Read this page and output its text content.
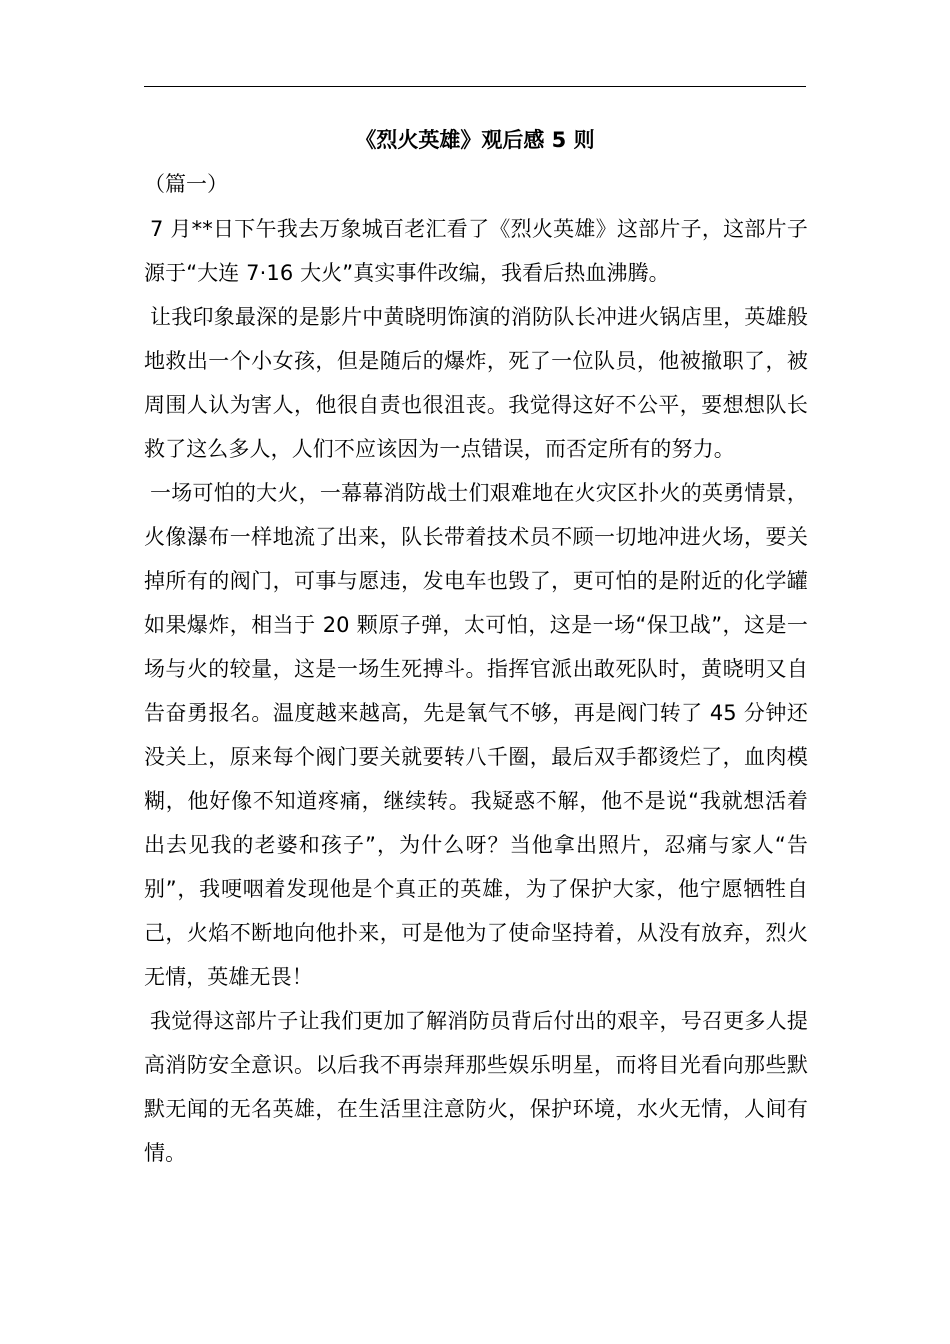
《烈火英雄》观后感 5 则
（篇一）

7 月**日下午我去万象城百老汇看了《烈火英雄》这部片子，这部片子源于“大连 7·16 大火”真实事件改编，我看后热血沸腾。

让我印象最深的是影片中黄晓明饰演的消防队长冲进火锅店里，英雄般地救出一个小女孩，但是随后的爆炸，死了一位队员，他被撤职了，被周围人认为害人，他很自责也很沮丧。我觉得这好不公平，要想想队长救了这么多人，人们不应该因为一点错误，而否定所有的努力。

一场可怕的大火，一幕幕消防战士们艰难地在火灾区扑火的英勇情景，火像瀑布一样地流了出来，队长带着技术员不顾一切地冲进火场，要关掉所有的阀门，可事与愿违，发电车也毁了，更可怕的是附近的化学罐如果爆炸，相当于 20 颗原子弹，太可怕，这是一场“保卫战”，这是一场与火的较量，这是一场生死搏斗。指挥官派出敢死队时，黄晓明又自告奋勇报名。温度越来越高，先是氧气不够，再是阀门转了 45 分钟还没关上，原来每个阀门要关就要转八千圈，最后双手都烫烂了，血肉模糊，他好像不知道疼痛，继续转。我疑惑不解，他不是说“我就想活着出去见我的老婆和孩子”，为什么呀？当他拿出照片，忍痛与家人“告别”，我哽咽着发现他是个真正的英雄，为了保护大家，他宁愿牺牲自己，火焰不断地向他扑来，可是他为了使命坚持着，从没有放弃，烈火无情，英雄无畏！

我觉得这部片子让我们更加了解消防员背后付出的艰辛，号召更多人提高消防安全意识。以后我不再崇拜那些娱乐明星，而将目光看向那些默默无闻的无名英雄，在生活里注意防火，保护环境，水火无情，人间有情。
